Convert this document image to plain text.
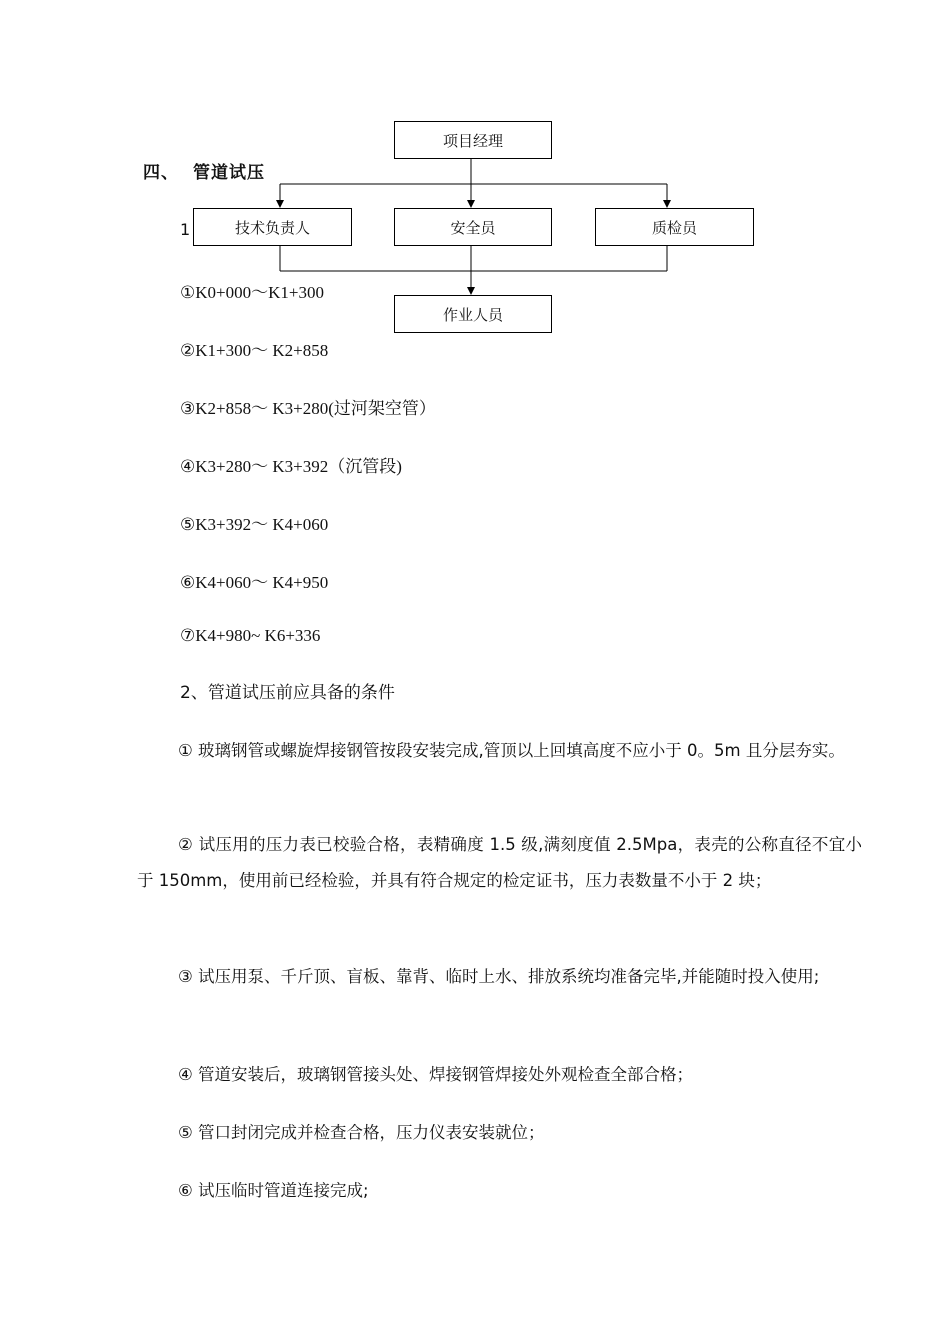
四、 管道试压
1
项目经理
技术负责人	安全员	质检员
作业人员
①K0+000～K1+300
②K1+300～ K2+858
③K2+858～ K3+280(过河架空管）
④K3+280～ K3+392（沉管段)
⑤K3+392～ K4+060
⑥K4+060～ K4+950
⑦K4+980~ K6+336
2、管道试压前应具备的条件
① 玻璃钢管或螺旋焊接钢管按段安装完成,管顶以上回填高度不应小于 0。5m 且分层夯实。
② 试压用的压力表已校验合格，表精确度 1.5 级,满刻度值 2.5Mpa，表壳的公称直径不宜小于 150mm，使用前已经检验，并具有符合规定的检定证书，压力表数量不小于 2 块；
③ 试压用泵、千斤顶、盲板、靠背、临时上水、排放系统均准备完毕,并能随时投入使用;
④ 管道安装后，玻璃钢管接头处、焊接钢管焊接处外观检查全部合格；
⑤ 管口封闭完成并检查合格，压力仪表安装就位；
⑥ 试压临时管道连接完成;
